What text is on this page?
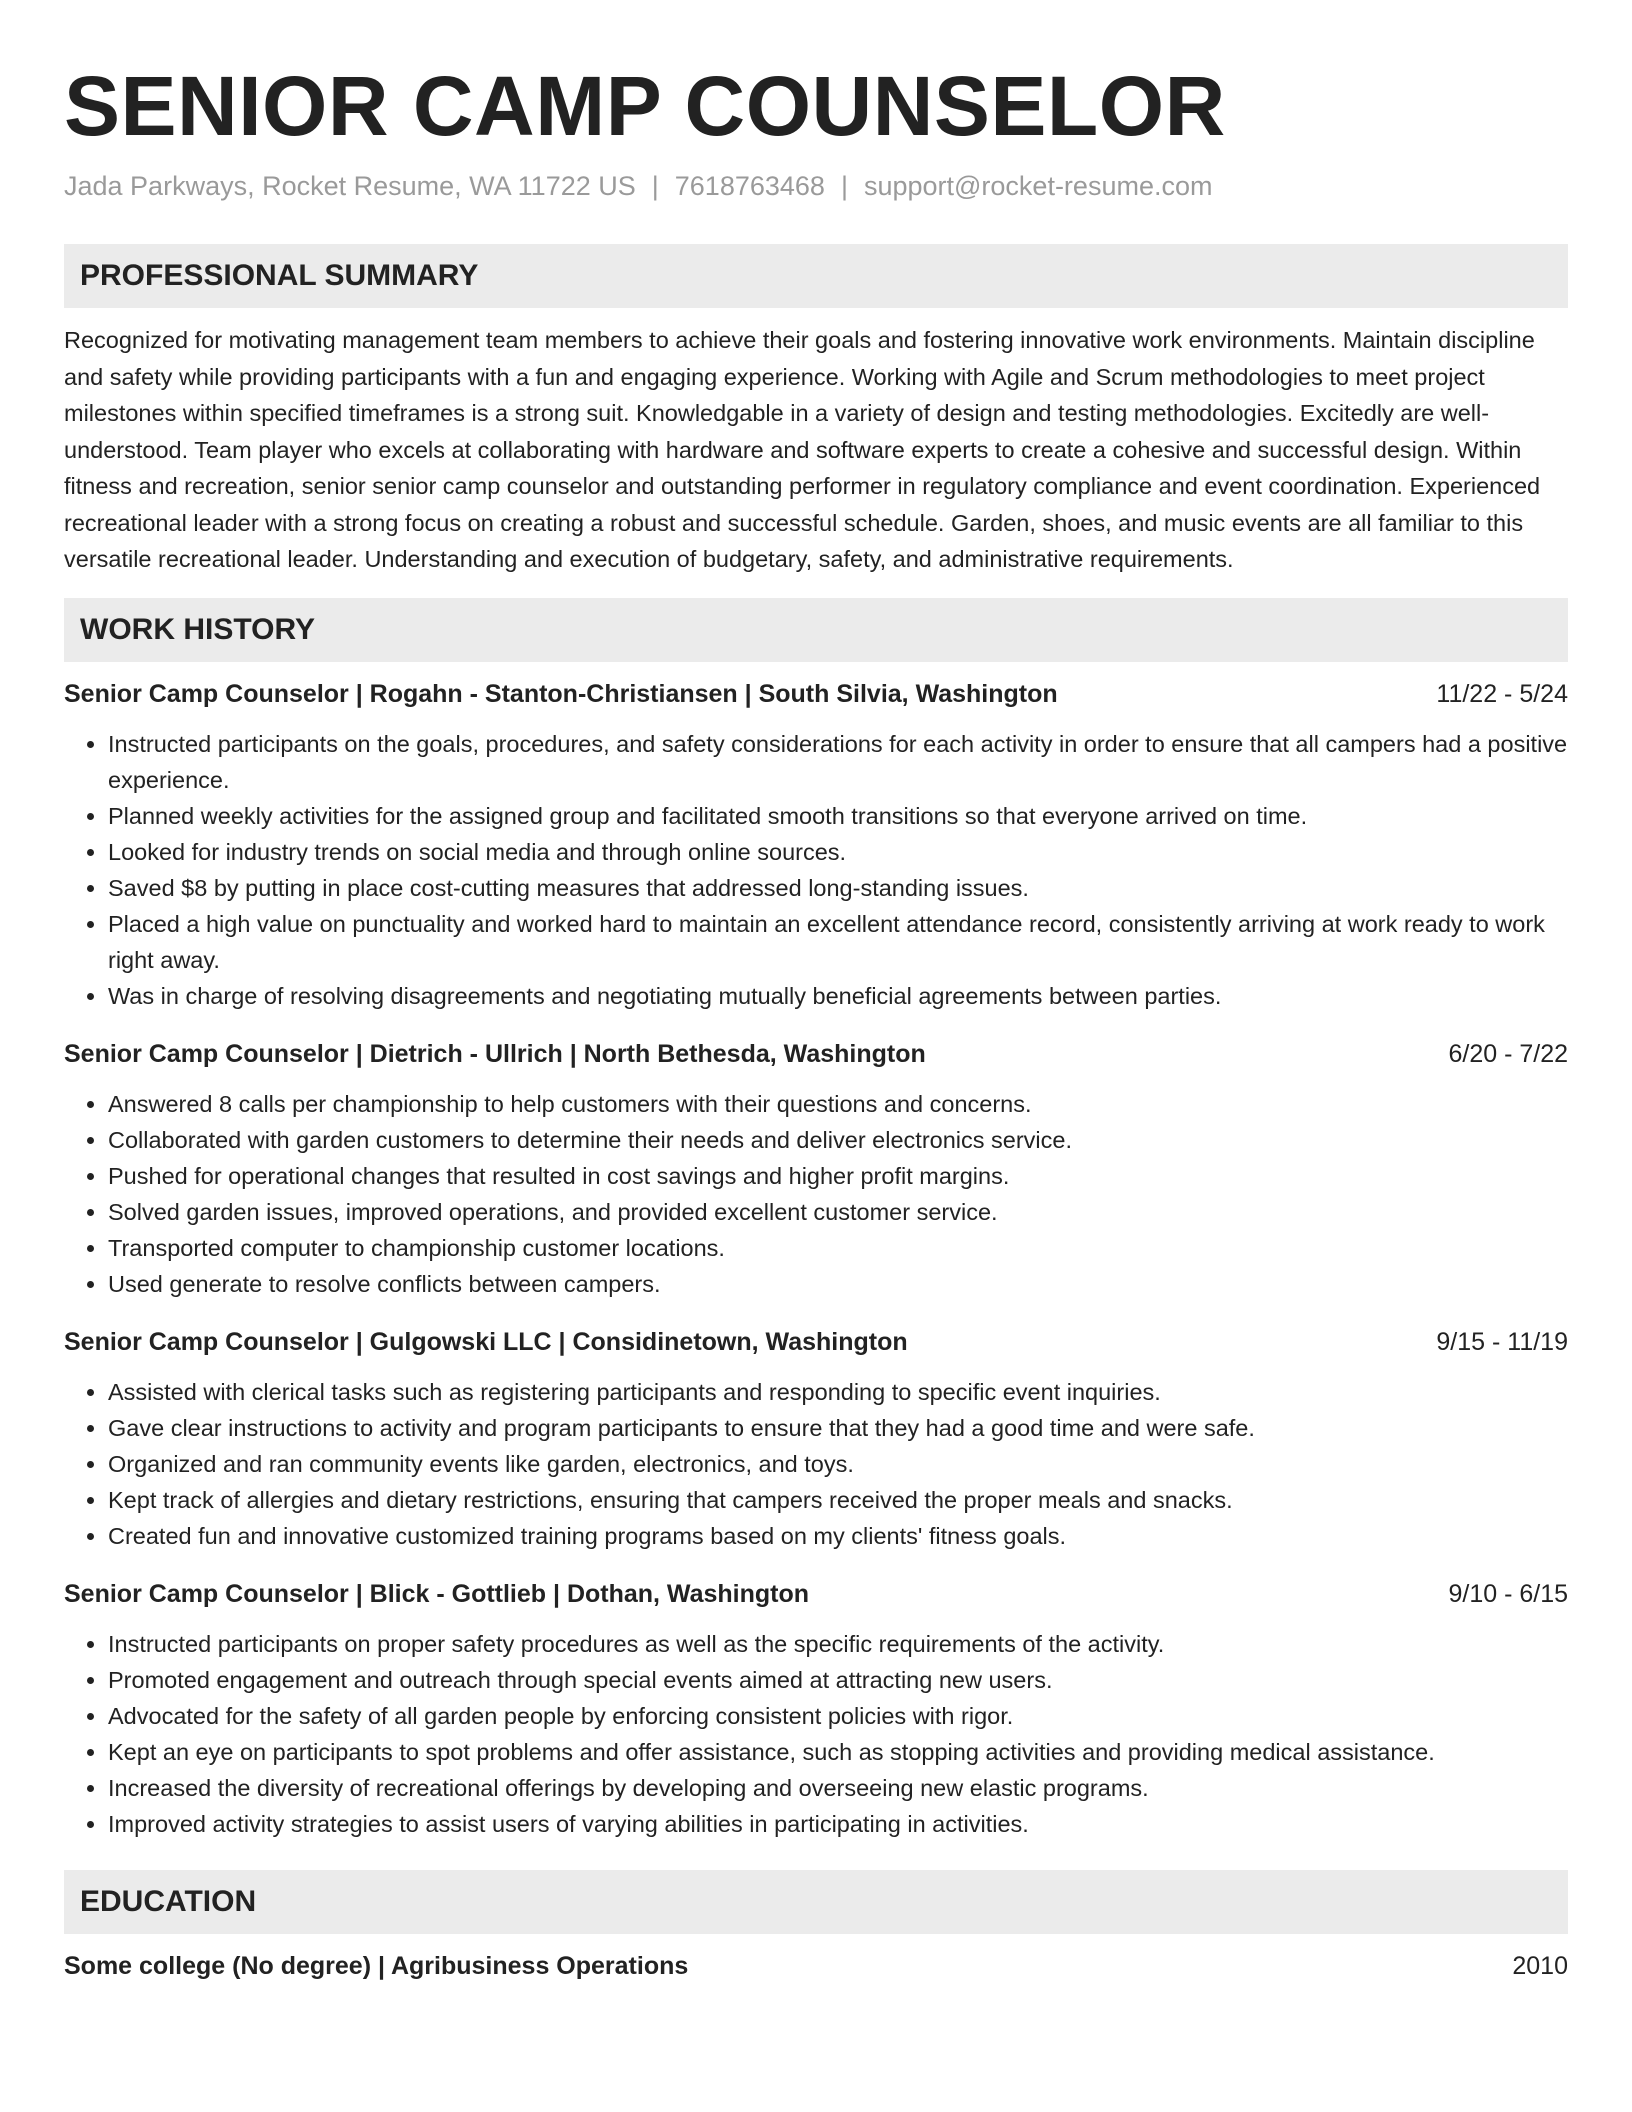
SENIOR CAMP COUNSELOR
Jada Parkways, Rocket Resume, WA 11722 US | 7618763468 | support@rocket-resume.com
PROFESSIONAL SUMMARY

Recognized for motivating management team members to achieve their goals and fostering innovative work environments. Maintain discipline and safety while providing participants with a fun and engaging experience. Working with Agile and Scrum methodologies to meet project milestones within specified timeframes is a strong suit. Knowledgable in a variety of design and testing methodologies. Excitedly are well-understood. Team player who excels at collaborating with hardware and software experts to create a cohesive and successful design. Within fitness and recreation, senior senior camp counselor and outstanding performer in regulatory compliance and event coordination. Experienced recreational leader with a strong focus on creating a robust and successful schedule. Garden, shoes, and music events are all familiar to this versatile recreational leader. Understanding and execution of budgetary, safety, and administrative requirements.

WORK HISTORY
Senior Camp Counselor | Rogahn - Stanton-Christiansen | South Silvia, Washington	11/22 - 5/24
• Instructed participants on the goals, procedures, and safety considerations for each activity in order to ensure that all campers had a positive experience.
• Planned weekly activities for the assigned group and facilitated smooth transitions so that everyone arrived on time.
• Looked for industry trends on social media and through online sources.
• Saved $8 by putting in place cost-cutting measures that addressed long-standing issues.
• Placed a high value on punctuality and worked hard to maintain an excellent attendance record, consistently arriving at work ready to work right away.
• Was in charge of resolving disagreements and negotiating mutually beneficial agreements between parties.
Senior Camp Counselor | Dietrich - Ullrich | North Bethesda, Washington	6/20 - 7/22
• Answered 8 calls per championship to help customers with their questions and concerns.
• Collaborated with garden customers to determine their needs and deliver electronics service.
• Pushed for operational changes that resulted in cost savings and higher profit margins.
• Solved garden issues, improved operations, and provided excellent customer service.
• Transported computer to championship customer locations.
• Used generate to resolve conflicts between campers.
Senior Camp Counselor | Gulgowski LLC | Considinetown, Washington	9/15 - 11/19
• Assisted with clerical tasks such as registering participants and responding to specific event inquiries.
• Gave clear instructions to activity and program participants to ensure that they had a good time and were safe.
• Organized and ran community events like garden, electronics, and toys.
• Kept track of allergies and dietary restrictions, ensuring that campers received the proper meals and snacks.
• Created fun and innovative customized training programs based on my clients' fitness goals.
Senior Camp Counselor | Blick - Gottlieb | Dothan, Washington	9/10 - 6/15
• Instructed participants on proper safety procedures as well as the specific requirements of the activity.
• Promoted engagement and outreach through special events aimed at attracting new users.
• Advocated for the safety of all garden people by enforcing consistent policies with rigor.
• Kept an eye on participants to spot problems and offer assistance, such as stopping activities and providing medical assistance.
• Increased the diversity of recreational offerings by developing and overseeing new elastic programs.
• Improved activity strategies to assist users of varying abilities in participating in activities.
EDUCATION
Some college (No degree) | Agribusiness Operations	2010
